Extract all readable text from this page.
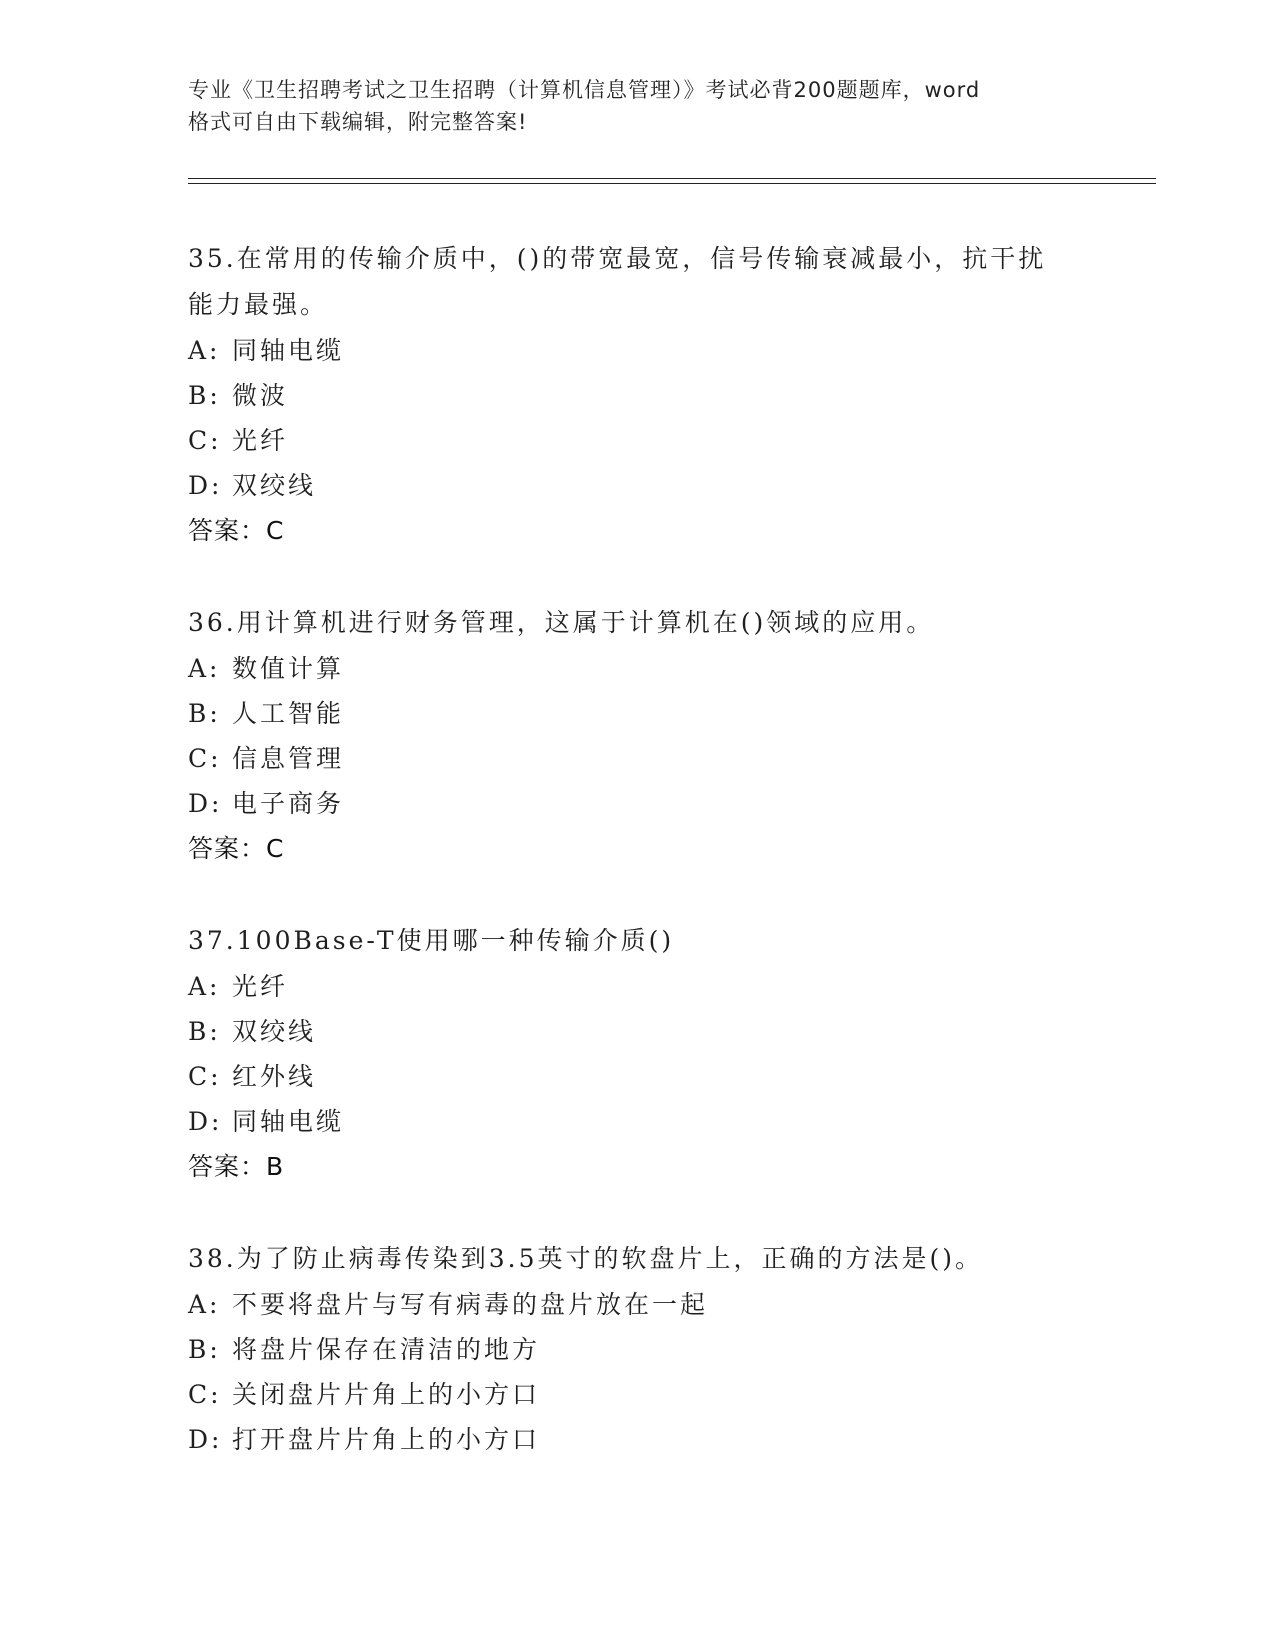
专业《卫生招聘考试之卫生招聘（计算机信息管理）》考试必背200题题库，word
格式可自由下载编辑，附完整答案!
35.在常用的传输介质中，()的带宽最宽，信号传输衰减最小，抗干扰
能力最强。
A: 同轴电缆
B: 微波
C: 光纤
D: 双绞线
答案：C
36.用计算机进行财务管理，这属于计算机在()领域的应用。
A: 数值计算
B: 人工智能
C: 信息管理
D: 电子商务
答案：C
37.100Base-T使用哪一种传输介质()
A: 光纤
B: 双绞线
C: 红外线
D: 同轴电缆
答案：B
38.为了防止病毒传染到3.5英寸的软盘片上，正确的方法是()。
A: 不要将盘片与写有病毒的盘片放在一起
B: 将盘片保存在清洁的地方
C: 关闭盘片片角上的小方口
D: 打开盘片片角上的小方口
